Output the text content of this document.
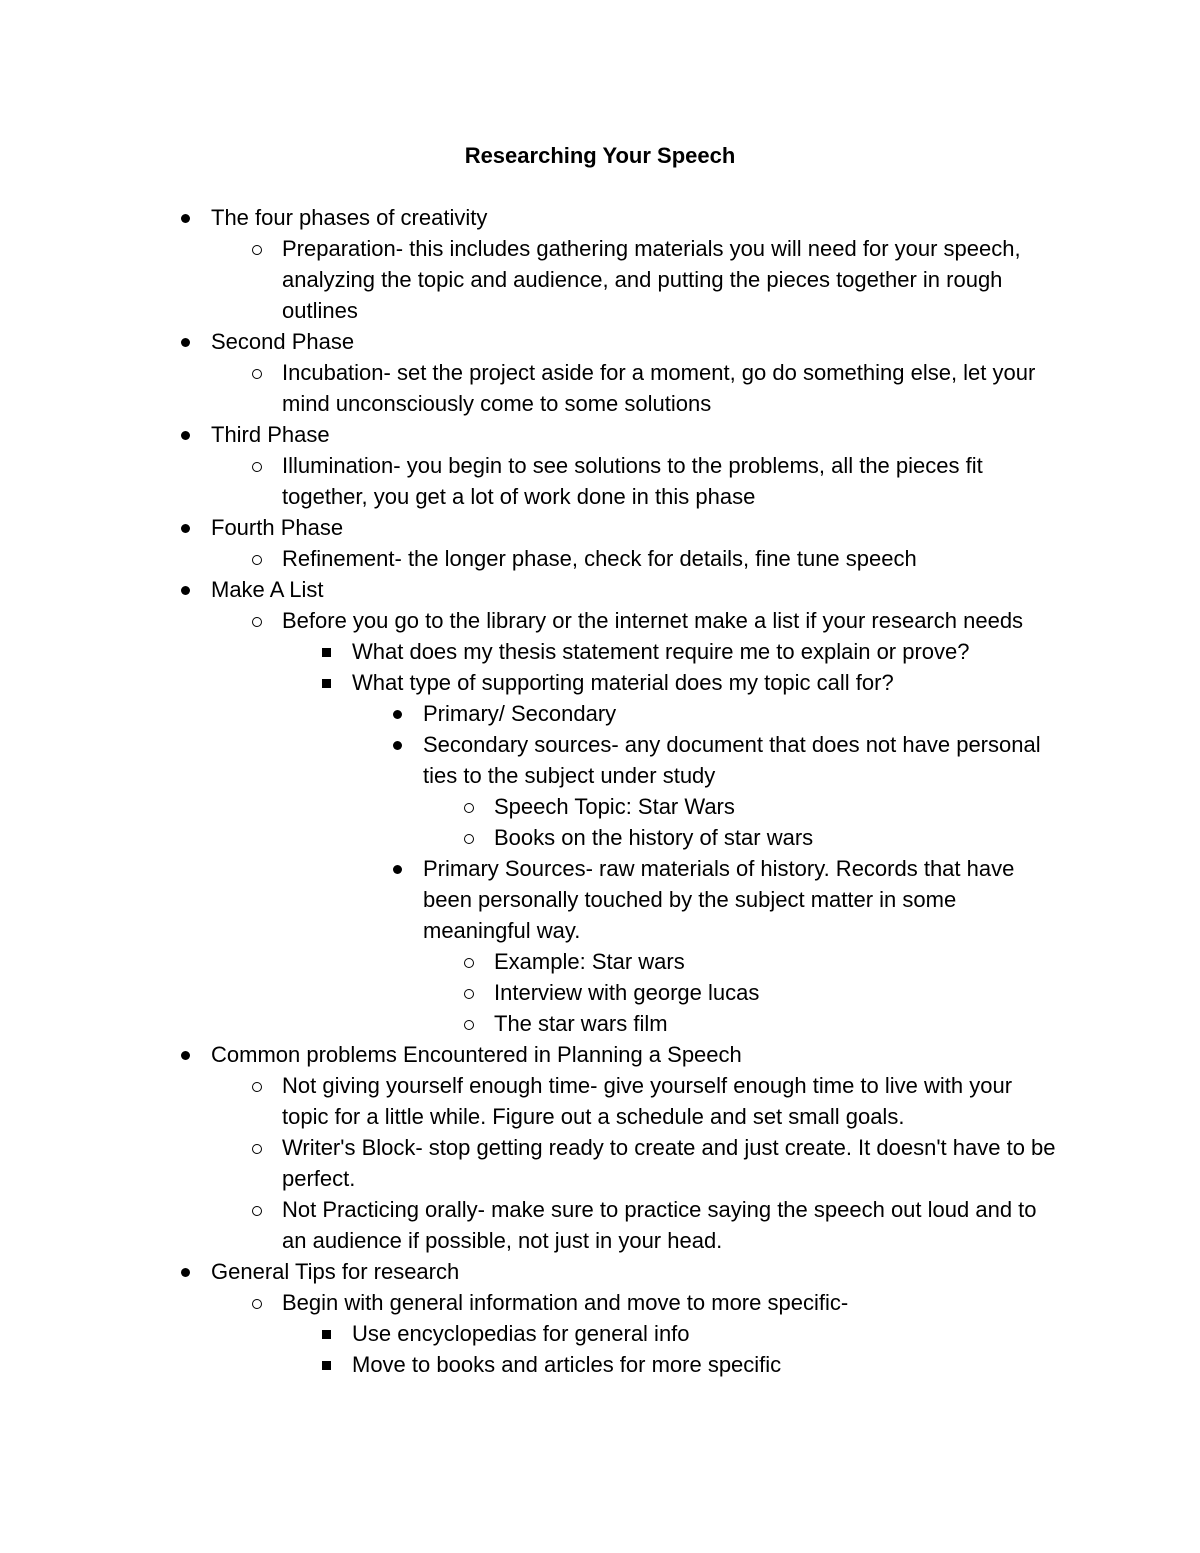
Researching Your Speech
The four phases of creativity
Preparation- this includes gathering materials you will need for your speech, analyzing the topic and audience, and putting the pieces together in rough outlines
Second Phase
Incubation- set the project aside for a moment, go do something else, let your mind unconsciously come to some solutions
Third Phase
Illumination- you begin to see solutions to the problems, all the pieces fit together, you get a lot of work done in this phase
Fourth Phase
Refinement- the longer phase, check for details, fine tune speech
Make A List
Before you go to the library or the internet make a list if your research needs
What does my thesis statement require me to explain or prove?
What type of supporting material does my topic call for?
Primary/ Secondary
Secondary sources- any document that does not have personal ties to the subject under study
Speech Topic: Star Wars
Books on the history of star wars
Primary Sources- raw materials of history. Records that have been personally touched by the subject matter in some meaningful way.
Example: Star wars
Interview with george lucas
The star wars film
Common problems Encountered in Planning a Speech
Not giving yourself enough time- give yourself enough time to live with your topic for a little while. Figure out a schedule and set small goals.
Writer's Block- stop getting ready to create and just create. It doesn't have to be perfect.
Not Practicing orally- make sure to practice saying the speech out loud and to an audience if possible, not just in your head.
General Tips for research
Begin with general information and move to more specific-
Use encyclopedias for general info
Move to books and articles for more specific
